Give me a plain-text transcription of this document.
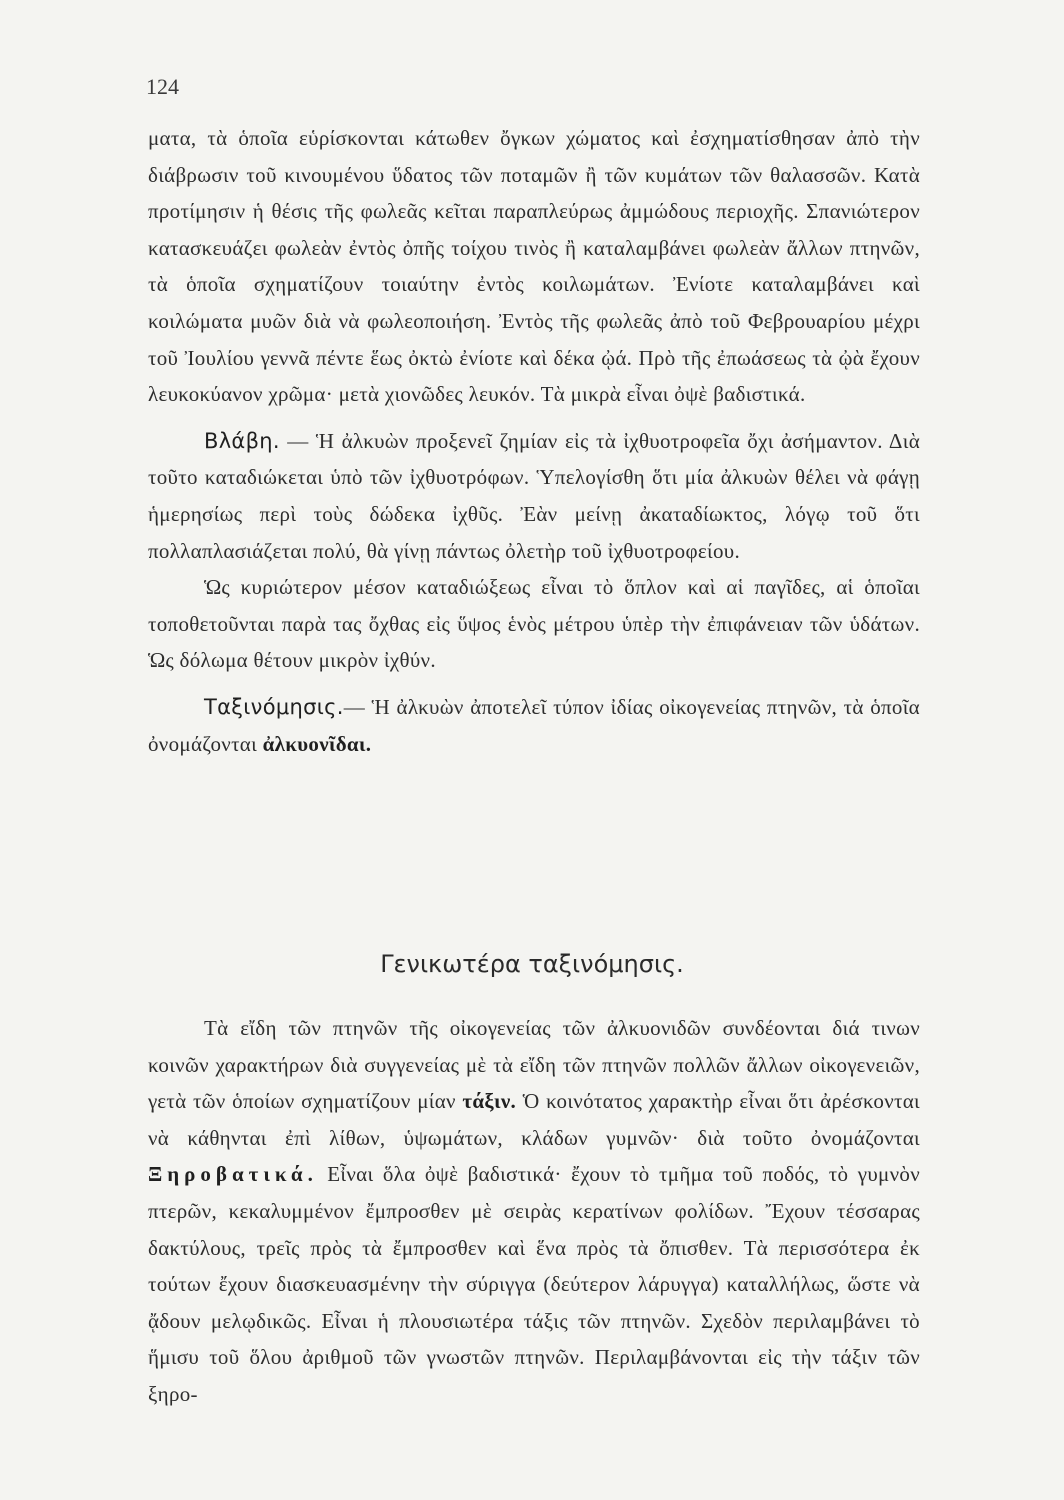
124

ματα, τὰ ὁποῖα εὑρίσκονται κάτωθεν ὄγκων χώματος καὶ ἐσχηματίσθησαν ἀπὸ τὴν διάβρωσιν τοῦ κινουμένου ὕδατος τῶν ποταμῶν ἢ τῶν κυμάτων τῶν θαλασσῶν. Κατὰ προτίμησιν ἡ θέσις τῆς φωλεᾶς κεῖται παραπλεύρως ἀμμώδους περιοχῆς. Σπανιώτερον κατασκευάζει φωλεὰν ἐντὸς ὀπῆς τοίχου τινὸς ἢ καταλαμβάνει φωλεὰν ἄλλων πτηνῶν, τὰ ὁποῖα σχηματίζουν τοιαύτην ἐντὸς κοιλωμάτων. Ἐνίοτε καταλαμβάνει καὶ κοιλώματα μυῶν διὰ νὰ φωλεοποιήση. Ἐντὸς τῆς φωλεᾶς ἀπὸ τοῦ Φεβρουαρίου μέχρι τοῦ Ἰουλίου γεννᾶ πέντε ἕως ὀκτὼ ἐνίοτε καὶ δέκα ᾠά. Πρὸ τῆς ἐπωάσεως τὰ ᾠὰ ἔχουν λευκοκύανον χρῶμα· μετὰ χιονῶδες λευκόν. Τὰ μικρὰ εἶναι ὀψὲ βαδιστικά.

Βλάβη. — Ἡ ἀλκυὼν προξενεῖ ζημίαν εἰς τὰ ἰχθυοτροφεῖα ὄχι ἀσήμαντον. Διὰ τοῦτο καταδιώκεται ὑπὸ τῶν ἰχθυοτρόφων. Ὑπελογίσθη ὅτι μία ἀλκυὼν θέλει νὰ φάγῃ ἡμερησίως περὶ τοὺς δώδεκα ἰχθῦς. Ἐὰν μείνῃ ἀκαταδίωκτος, λόγῳ τοῦ ὅτι πολλαπλασιάζεται πολύ, θὰ γίνῃ πάντως ὀλετὴρ τοῦ ἰχθυοτροφείου.

Ὡς κυριώτερον μέσον καταδιώξεως εἶναι τὸ ὅπλον καὶ αἱ παγῖδες, αἱ ὁποῖαι τοποθετοῦνται παρὰ τας ὄχθας εἰς ὕψος ἑνὸς μέτρου ὑπὲρ τὴν ἐπιφάνειαν τῶν ὑδάτων. Ὡς δόλωμα θέτουν μικρὸν ἰχθύν.

Ταξινόμησις.— Ἡ ἀλκυὼν ἀποτελεῖ τύπον ἰδίας οἰκογενείας πτηνῶν, τὰ ὁποῖα ὀνομάζονται ἀλκυονῖδαι.

Γενικωτέρα ταξινόμησις.

Τὰ εἴδη τῶν πτηνῶν τῆς οἰκογενείας τῶν ἀλκυονιδῶν συνδέονται διά τινων κοινῶν χαρακτήρων διὰ συγγενείας μὲ τὰ εἴδη τῶν πτηνῶν πολλῶν ἄλλων οἰκογενειῶν, γετὰ τῶν ὁποίων σχηματίζουν μίαν τάξιν. Ὁ κοινότατος χαρακτὴρ εἶναι ὅτι ἀρέσκονται νὰ κάθηνται ἐπὶ λίθων, ὑψωμάτων, κλάδων γυμνῶν· διὰ τοῦτο ὀνομάζονται Ξηροβατικά. Εἶναι ὅλα ὀψὲ βαδιστικά· ἔχουν τὸ τμῆμα τοῦ ποδός, τὸ γυμνὸν πτερῶν, κεκαλυμμένον ἔμπροσθεν μὲ σειρὰς κερατίνων φολίδων. Ἔχουν τέσσαρας δακτύλους, τρεῖς πρὸς τὰ ἔμπροσθεν καὶ ἕνα πρὸς τὰ ὄπισθεν. Τὰ περισσότερα ἐκ τούτων ἔχουν διασκευασμένην τὴν σύριγγα (δεύτερον λάρυγγα) καταλλήλως, ὥστε νὰ ᾄδουν μελῳδικῶς. Εἶναι ἡ πλουσιωτέρα τάξις τῶν πτηνῶν. Σχεδὸν περιλαμβάνει τὸ ἥμισυ τοῦ ὅλου ἀριθμοῦ τῶν γνωστῶν πτηνῶν. Περιλαμβάνονται εἰς τὴν τάξιν τῶν ξηρο-
